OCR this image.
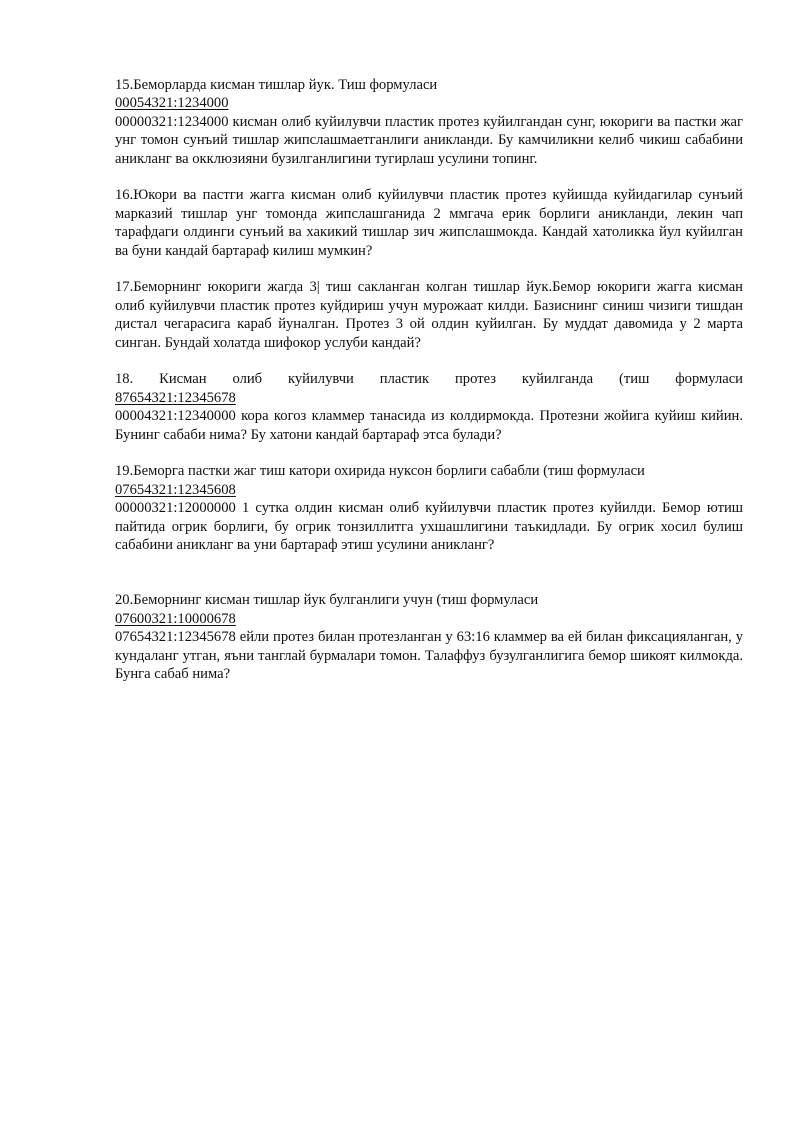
15.Беморларда кисман тишлар йук. Тиш формуласи
00054321:1234000
00000321:1234000 кисман олиб куйилувчи пластик протез куйилгандан сунг, юкориги ва пастки жаг унг томон сунъий тишлар жипслашмаетганлиги аникланди. Бу камчиликни келиб чикиш сабабини аникланг ва окклюзияни бузилганлигини тугирлаш усулини топинг.
16.Юкори ва пастги жагга кисман олиб куйилувчи пластик протез куйишда куйидагилар сунъий марказий тишлар унг томонда жипслашганида 2 ммгача ерик борлиги аникланди, лекин чап тарафдаги олдинги сунъий ва хакикий тишлар зич жипслашмокда. Кандай хатоликка йул куйилган ва буни кандай бартараф килиш мумкин?
17.Беморнинг юкориги жагда 3| тиш сакланган колган тишлар йук.Бемор юкориги жагга кисман олиб куйилувчи пластик протез куйдириш учун мурожаат килди. Базиснинг синиш чизиги тишдан дистал чегарасига караб йуналган. Протез 3 ой олдин куйилган. Бу муддат давомида у 2 марта синган. Бундай холатда шифокор услуби кандай?
18. Кисман олиб куйилувчи пластик протез куйилганда (тиш формуласи
87654321:12345678
00004321:12340000 кора когоз кламмер танасида из колдирмокда. Протезни жойига куйиш кийин. Бунинг сабаби нима? Бу хатони кандай бартараф этса булади?
19.Беморга пастки жаг тиш катори охирида нуксон борлиги сабабли (тиш формуласи
07654321:12345608
00000321:12000000 1 сутка олдин кисман олиб куйилувчи пластик протез куйилди. Бемор ютиш пайтида огрик борлиги, бу огрик тонзиллитга ухшашлигини таъкидлади. Бу огрик хосил булиш сабабини аникланг ва уни бартараф этиш усулини аникланг?
20.Беморнинг кисман тишлар йук булганлиги учун (тиш формуласи
07600321:10000678
07654321:12345678 ейли протез билан протезланган у 63:16 кламмер ва ей билан фиксацияланган, у кундаланг утган, яъни танглай бурмалари томон. Талаффуз бузулганлигига бемор шикоят килмокда. Бунга сабаб нима?
